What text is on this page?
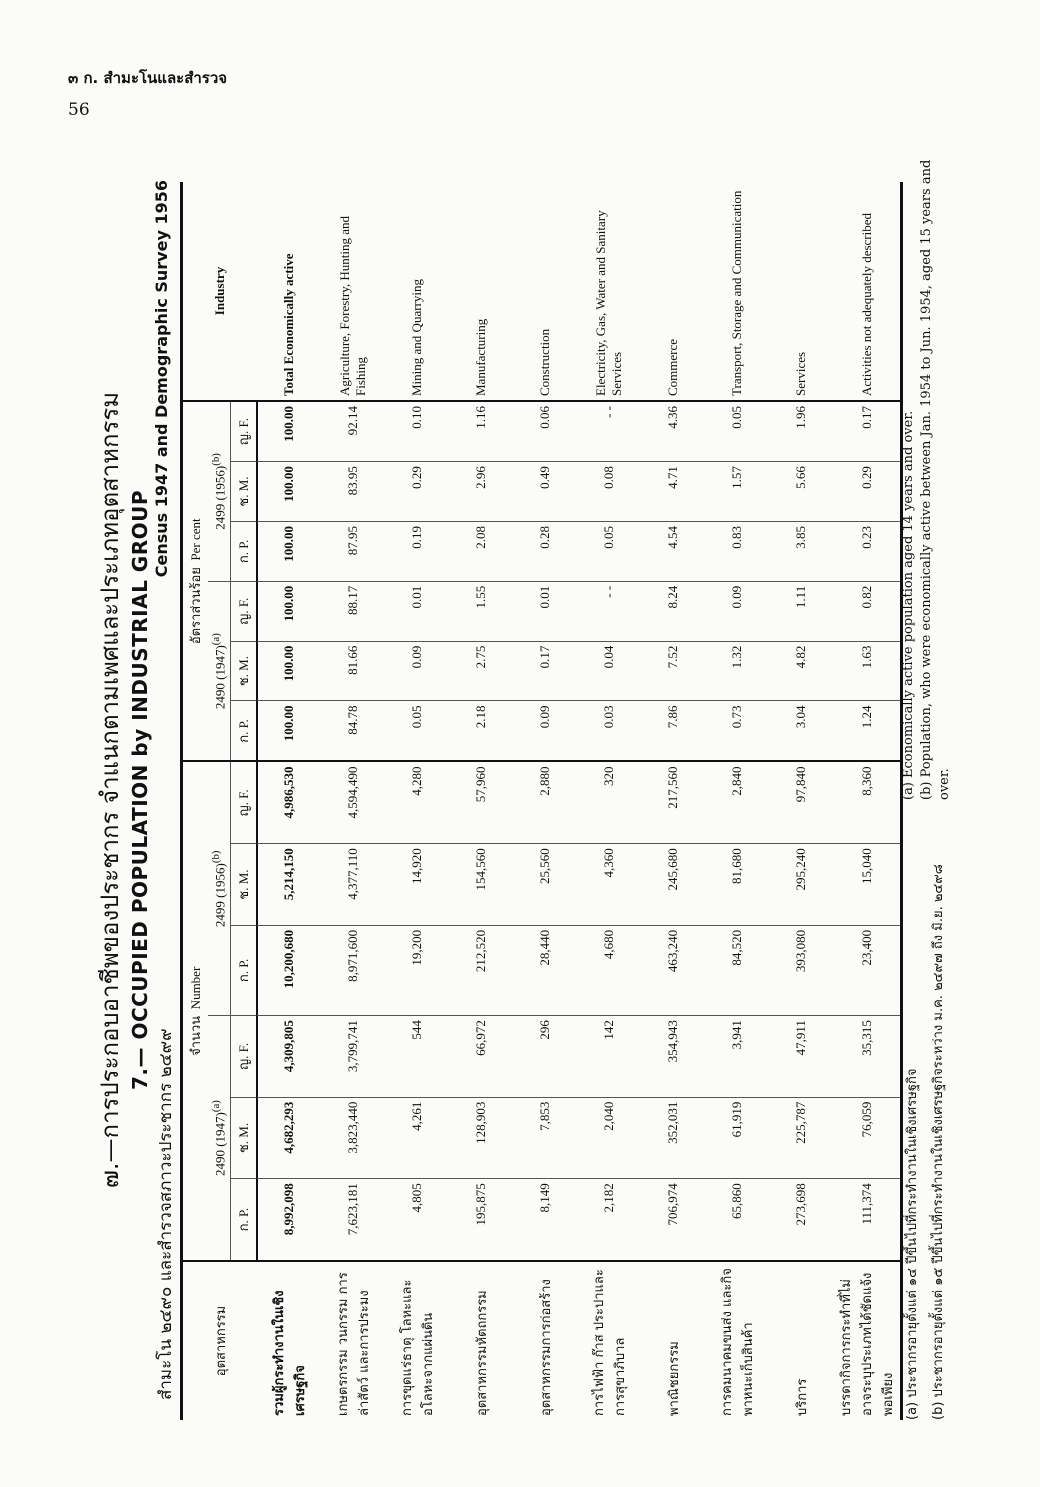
๓ ก. สำมะโนและสำรวจ
56
๗.—การประกอบอาชีพของประชากร จำแนกตามเพศและประเภทอุตสาหกรรม 7.— OCCUPIED POPULATION by INDUSTRIAL GROUP
สำมะโน ๒๔๙๐ และสำรวจสภาวะประชากร ๒๔๙๙
Census 1947 and Demographic Survey 1956
อุตสาหกรรม	จำนวน  Number						อัตราส่วนร้อย  Per cent						Industry
	2490 $(1947)^{(a)}$			2499 $(1956)^{(b)}$			2490 $(1947)^{(a)}$			2499 $(1956)^{(b)}$
	ก. P.	ช. M.	ญ. F.	ก. P.	ช. M.	ญ. F.	ก. P.	ช. M.	ญ. F.	ก. P.	ช. M.	ญ. F.	

รวมผู้กระทำงานในเชิงเศรษฐกิจ	8,992,098	4,682,293	4,309,805	10,200,680	5,214,150	4,986,530	100.00	100.00	100.00	100.00	100.00	100.00	Total Economically active
เกษตรกรรม วนกรรม การล่าสัตว์ และการประมง	7,623,181	3,823,440	3,799,741	8,971,600	4,377,110	4,594,490	84.78	81.66	88.17	87.95	83.95	92.14	Agriculture, Forestry, Hunting and Fishing
การขุดแร่ธาตุ โลหะและอโลหะจากแผ่นดิน	4,805	4,261	544	19,200	14,920	4,280	0.05	0.09	0.01	0.19	0.29	0.10	Mining and Quarrying
อุตสาหกรรมหัตถกรรม	195,875	128,903	66,972	212,520	154,560	57,960	2.18	2.75	1.55	2.08	2.96	1.16	Manufacturing
อุตสาหกรรมการก่อสร้าง	8,149	7,853	296	28,440	25,560	2,880	0.09	0.17	0.01	0.28	0.49	0.06	Construction
การไฟฟ้า ก๊าส ประปาและการสุขาภิบาล	2,182	2,040	142	4,680	4,360	320	0.03	0.04	- -	0.05	0.08	- -	Electricity, Gas, Water and Sanitary Services
พาณิชยกรรม	706,974	352,031	354,943	463,240	245,680	217,560	7.86	7.52	8.24	4.54	4.71	4.36	Commerce
การคมนาคมขนส่ง และกิจพาหนะเก็บสินค้า	65,860	61,919	3,941	84,520	81,680	2,840	0.73	1.32	0.09	0.83	1.57	0.05	Transport, Storage and Communication
บริการ	273,698	225,787	47,911	393,080	295,240	97,840	3.04	4.82	1.11	3.85	5.66	1.96	Services
บรรดากิจการกระทำที่ไม่อาจระบุประเภทได้ชัดแจ้งพอเพียง	111,374	76,059	35,315	23,400	15,040	8,360	1.24	1.63	0.82	0.23	0.29	0.17	Activities not adequately described
(a) ประชากรอายุตั้งแต่ ๑๔ ปีขึ้นไปที่กระทำงานในเชิงเศรษฐกิจ (b) ประชากรอายุตั้งแต่ ๑๕ ปีขึ้นไปที่กระทำงานในเชิงเศรษฐกิจระหว่าง ม.ค. ๒๔๙๗ ถึง มิ.ย. ๒๔๙๘
(a) Economically active population aged 14 years and over. (b) Population, who were economically active between Jan. 1954 to Jun. 1954, aged 15 years and over.
